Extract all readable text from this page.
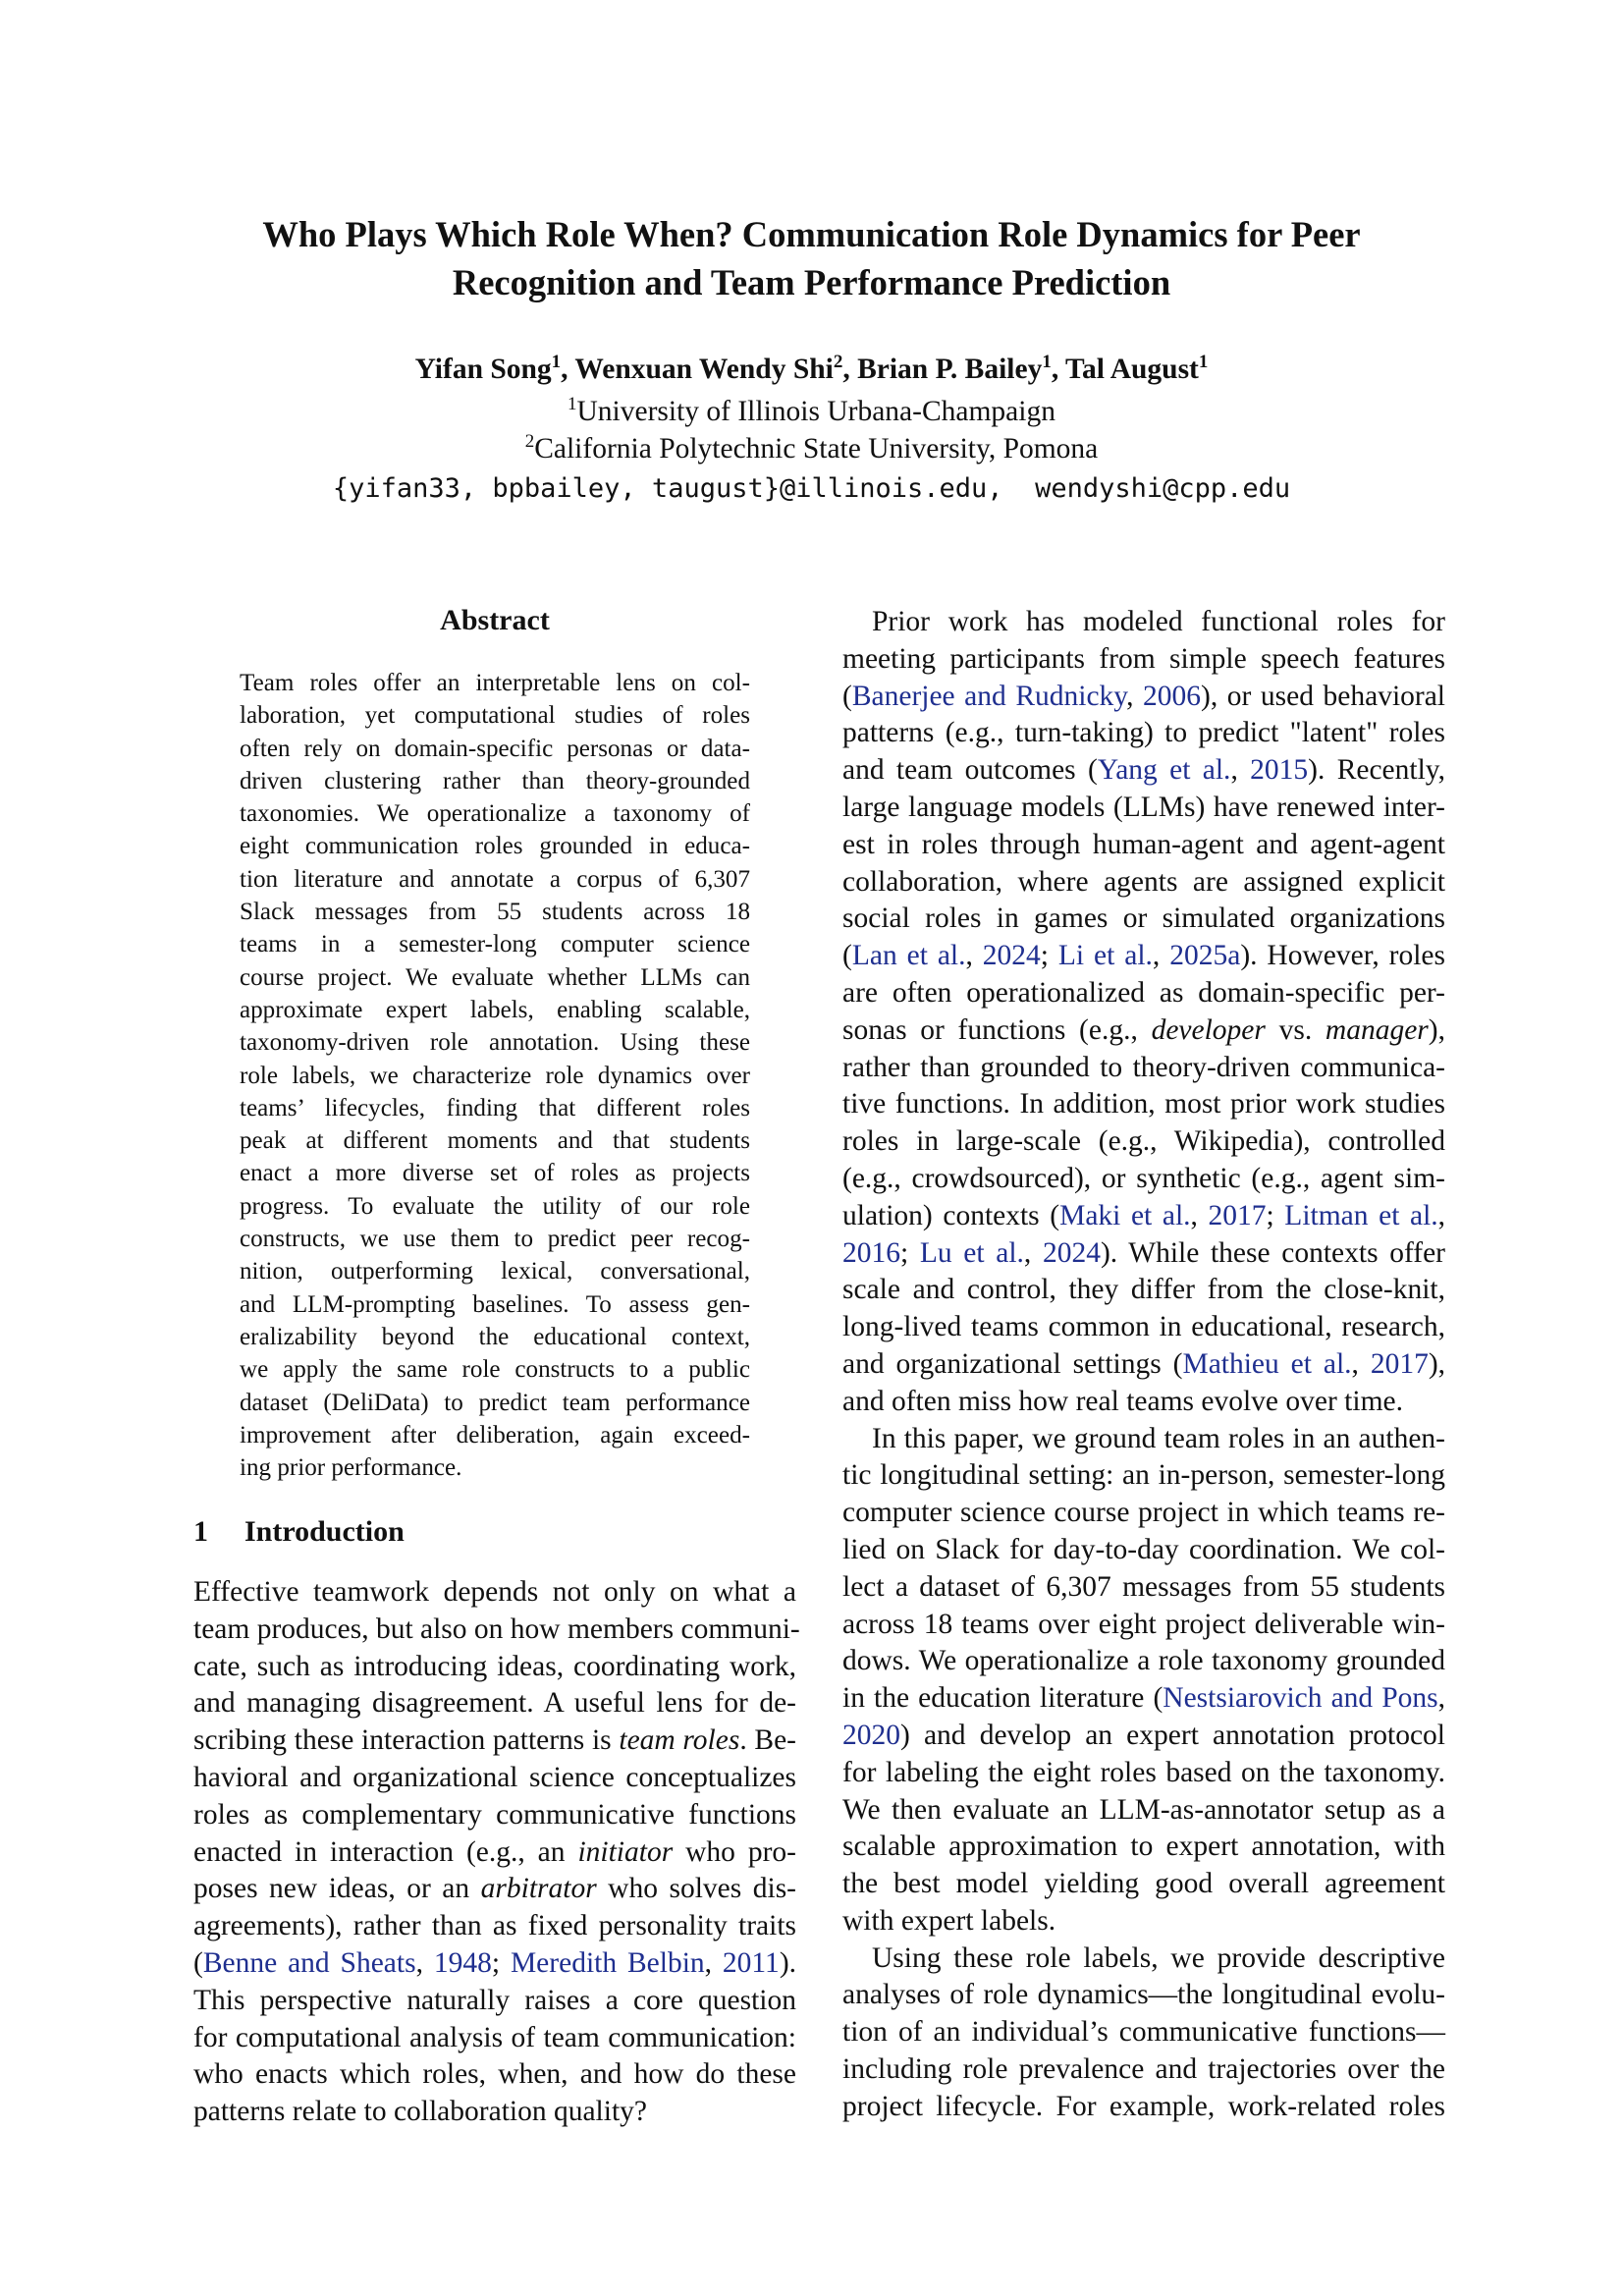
Who Plays Which Role When? Communication Role Dynamics for Peer
Recognition and Team Performance Prediction
Yifan Song$^1$, Wenxuan Wendy Shi$^2$, Brian P. Bailey$^1$, Tal August$^1$
$^1$University of Illinois Urbana-Champaign
$^2$California Polytechnic State University, Pomona
{yifan33, bpbailey, taugust}@illinois.edu,  wendyshi@cpp.edu
Abstract
Team roles offer an interpretable lens on col-
laboration, yet computational studies of roles
often rely on domain-specific personas or data-
driven clustering rather than theory-grounded
taxonomies. We operationalize a taxonomy of
eight communication roles grounded in educa-
tion literature and annotate a corpus of 6,307
Slack messages from 55 students across 18
teams in a semester-long computer science
course project. We evaluate whether LLMs can
approximate expert labels, enabling scalable,
taxonomy-driven role annotation. Using these
role labels, we characterize role dynamics over
teams’ lifecycles, finding that different roles
peak at different moments and that students
enact a more diverse set of roles as projects
progress. To evaluate the utility of our role
constructs, we use them to predict peer recog-
nition, outperforming lexical, conversational,
and LLM-prompting baselines. To assess gen-
eralizability beyond the educational context,
we apply the same role constructs to a public
dataset (DeliData) to predict team performance
improvement after deliberation, again exceed-
ing prior performance.
1 Introduction
Effective teamwork depends not only on what a
team produces, but also on how members communi-
cate, such as introducing ideas, coordinating work,
and managing disagreement. A useful lens for de-
scribing these interaction patterns is team roles. Be-
havioral and organizational science conceptualizes
roles as complementary communicative functions
enacted in interaction (e.g., an initiator who pro-
poses new ideas, or an arbitrator who solves dis-
agreements), rather than as fixed personality traits
(Benne and Sheats, 1948; Meredith Belbin, 2011).
This perspective naturally raises a core question
for computational analysis of team communication:
who enacts which roles, when, and how do these
patterns relate to collaboration quality?
Prior work has modeled functional roles for
meeting participants from simple speech features
(Banerjee and Rudnicky, 2006), or used behavioral
patterns (e.g., turn-taking) to predict "latent" roles
and team outcomes (Yang et al., 2015). Recently,
large language models (LLMs) have renewed inter-
est in roles through human-agent and agent-agent
collaboration, where agents are assigned explicit
social roles in games or simulated organizations
(Lan et al., 2024; Li et al., 2025a). However, roles
are often operationalized as domain-specific per-
sonas or functions (e.g., developer vs. manager),
rather than grounded to theory-driven communica-
tive functions. In addition, most prior work studies
roles in large-scale (e.g., Wikipedia), controlled
(e.g., crowdsourced), or synthetic (e.g., agent sim-
ulation) contexts (Maki et al., 2017; Litman et al.,
2016; Lu et al., 2024). While these contexts offer
scale and control, they differ from the close-knit,
long-lived teams common in educational, research,
and organizational settings (Mathieu et al., 2017),
and often miss how real teams evolve over time.
In this paper, we ground team roles in an authen-
tic longitudinal setting: an in-person, semester-long
computer science course project in which teams re-
lied on Slack for day-to-day coordination. We col-
lect a dataset of 6,307 messages from 55 students
across 18 teams over eight project deliverable win-
dows. We operationalize a role taxonomy grounded
in the education literature (Nestsiarovich and Pons,
2020) and develop an expert annotation protocol
for labeling the eight roles based on the taxonomy.
We then evaluate an LLM-as-annotator setup as a
scalable approximation to expert annotation, with
the best model yielding good overall agreement
with expert labels.
Using these role labels, we provide descriptive
analyses of role dynamics—the longitudinal evolu-
tion of an individual’s communicative functions—
including role prevalence and trajectories over the
project lifecycle. For example, work-related roles
